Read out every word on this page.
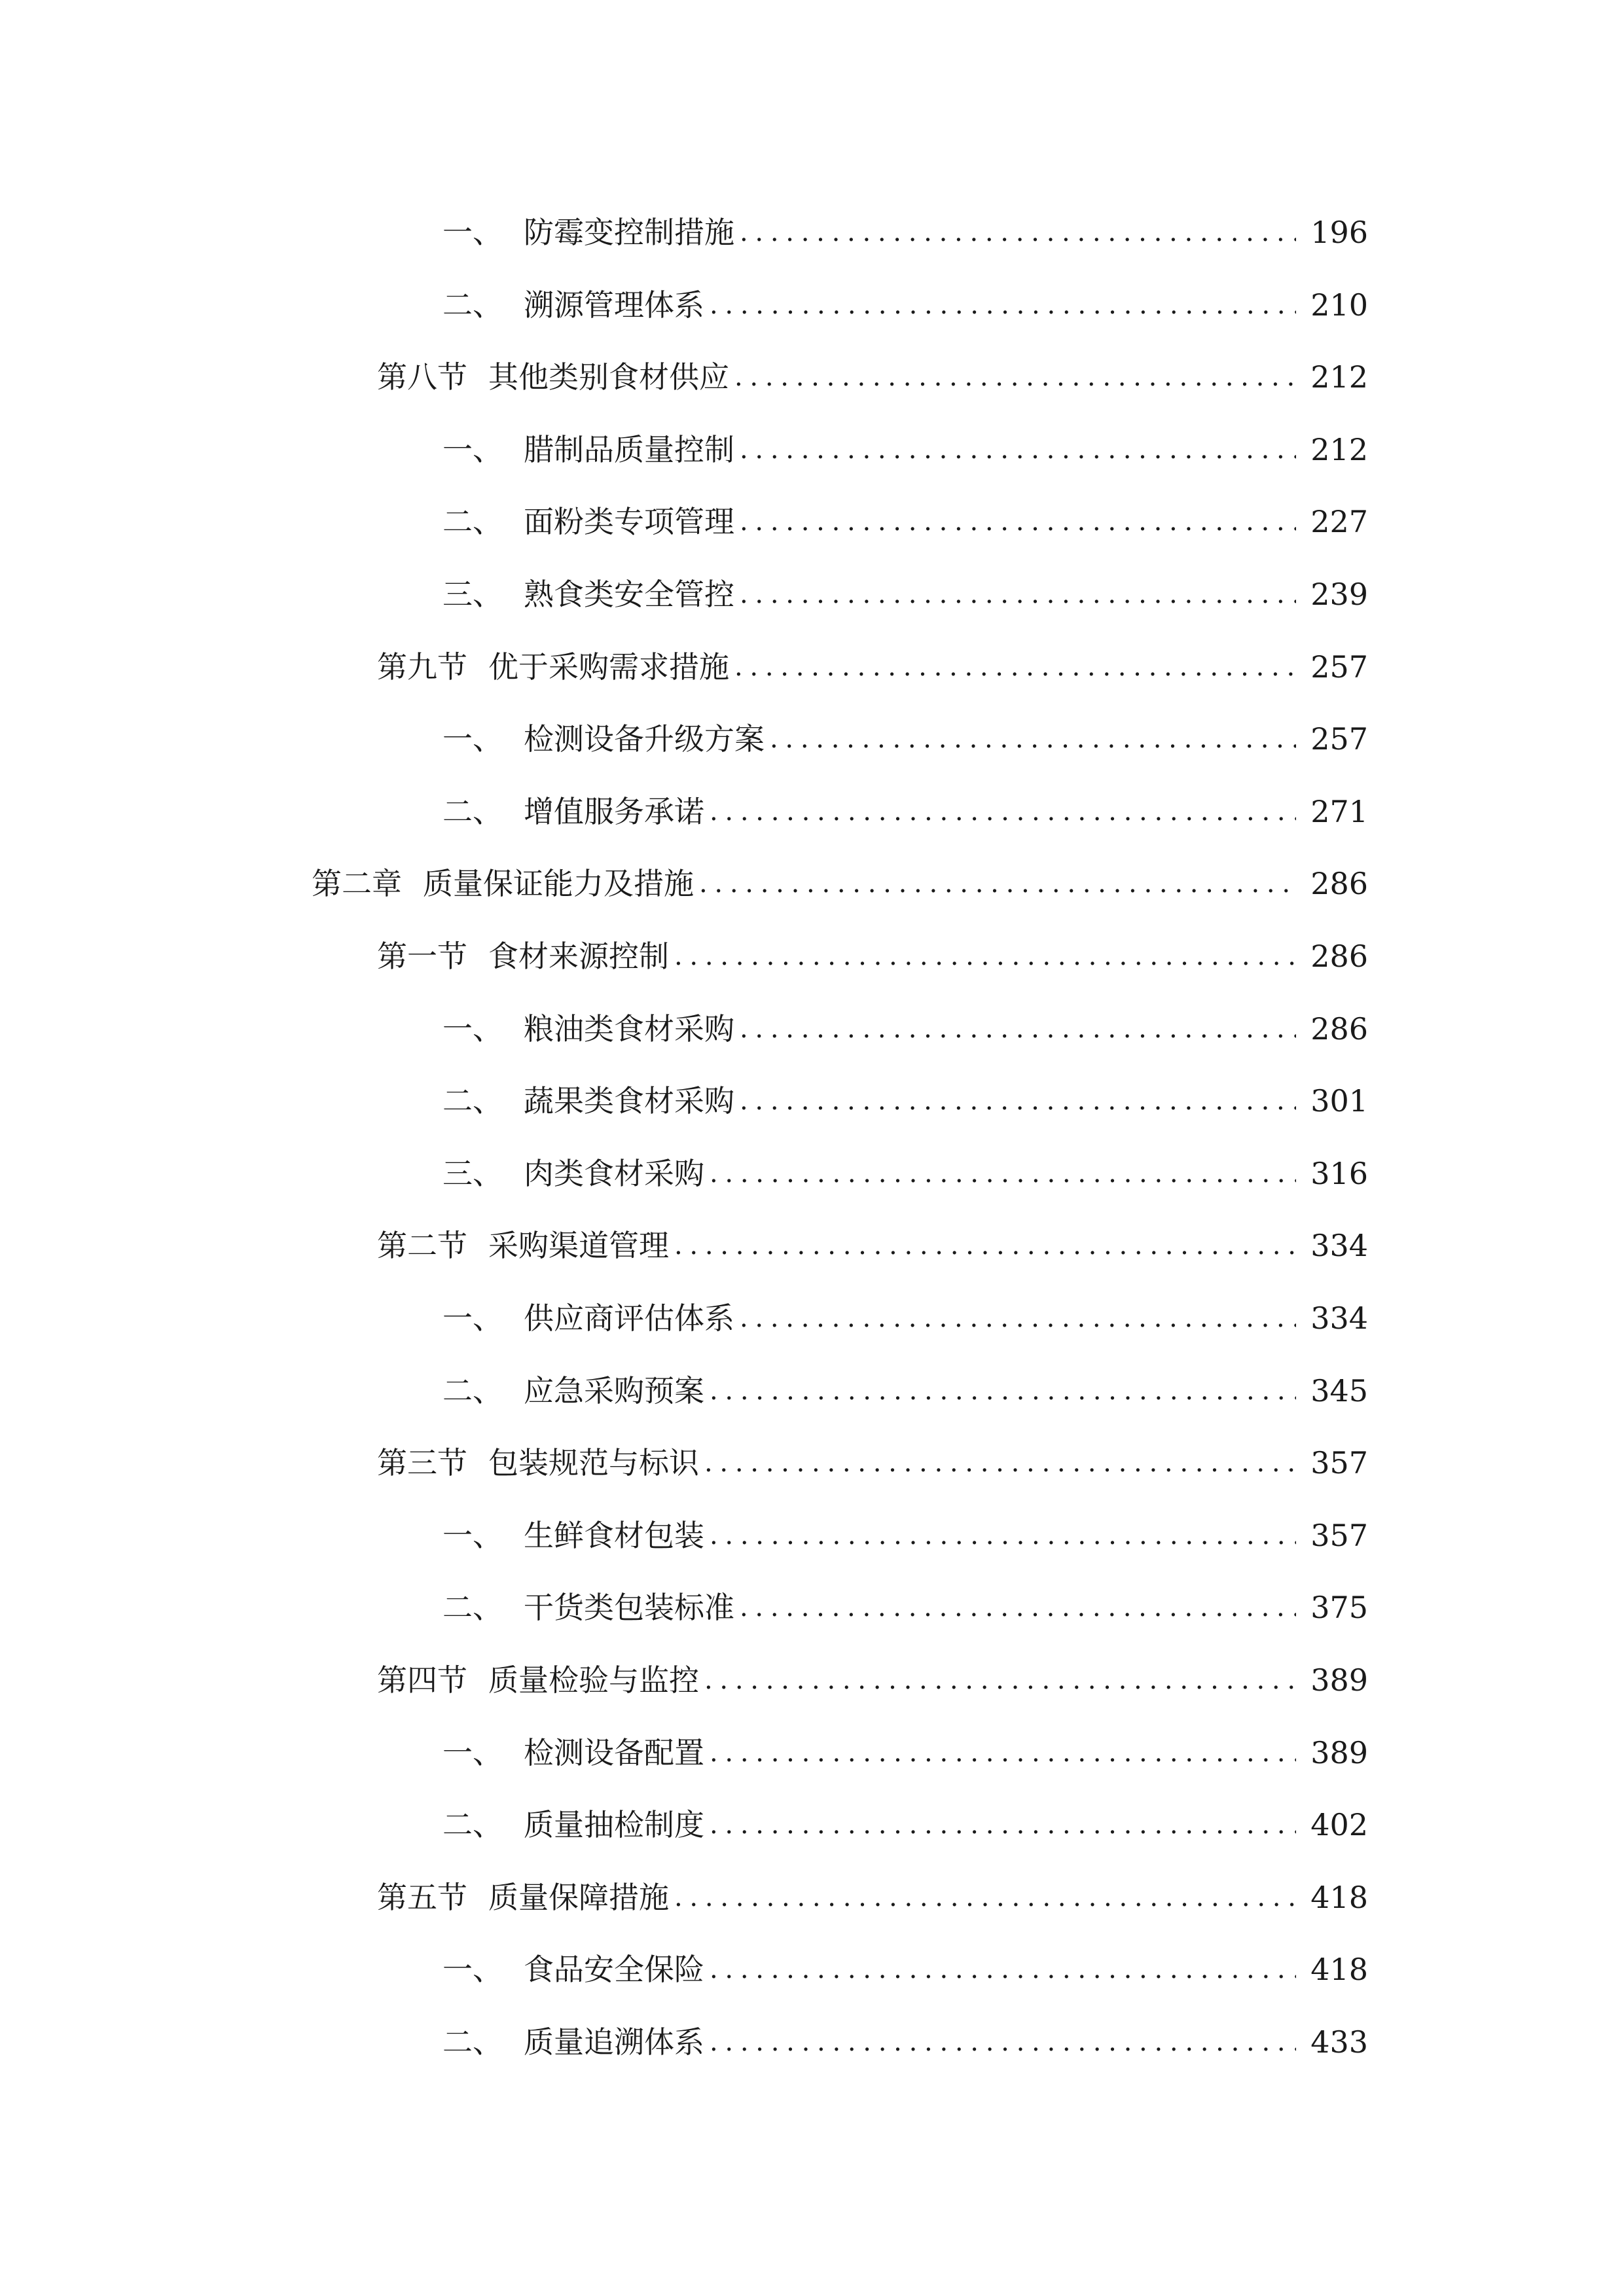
一、 防霉变控制措施 . . .	196
二、 溯源管理体系 . . .	210
第八节 其他类别食材供应 . . .	212
一、 腊制品质量控制 . . .	212
二、 面粉类专项管理 . . .	227
三、 熟食类安全管控 . . .	239
第九节 优于采购需求措施 . . .	257
一、 检测设备升级方案 . . .	257
二、 增值服务承诺 . . .	271
第二章 质量保证能力及措施 . . .	286
第一节 食材来源控制 . . .	286
一、 粮油类食材采购 . . .	286
二、 蔬果类食材采购 . . .	301
三、 肉类食材采购 . . .	316
第二节 采购渠道管理 . . .	334
一、 供应商评估体系 . . .	334
二、 应急采购预案 . . .	345
第三节 包装规范与标识 . . .	357
一、 生鲜食材包装 . . .	357
二、 干货类包装标准 . . .	375
第四节 质量检验与监控 . . .	389
一、 检测设备配置 . . .	389
二、 质量抽检制度 . . .	402
第五节 质量保障措施 . . .	418
一、 食品安全保险 . . .	418
二、 质量追溯体系 . . .	433
